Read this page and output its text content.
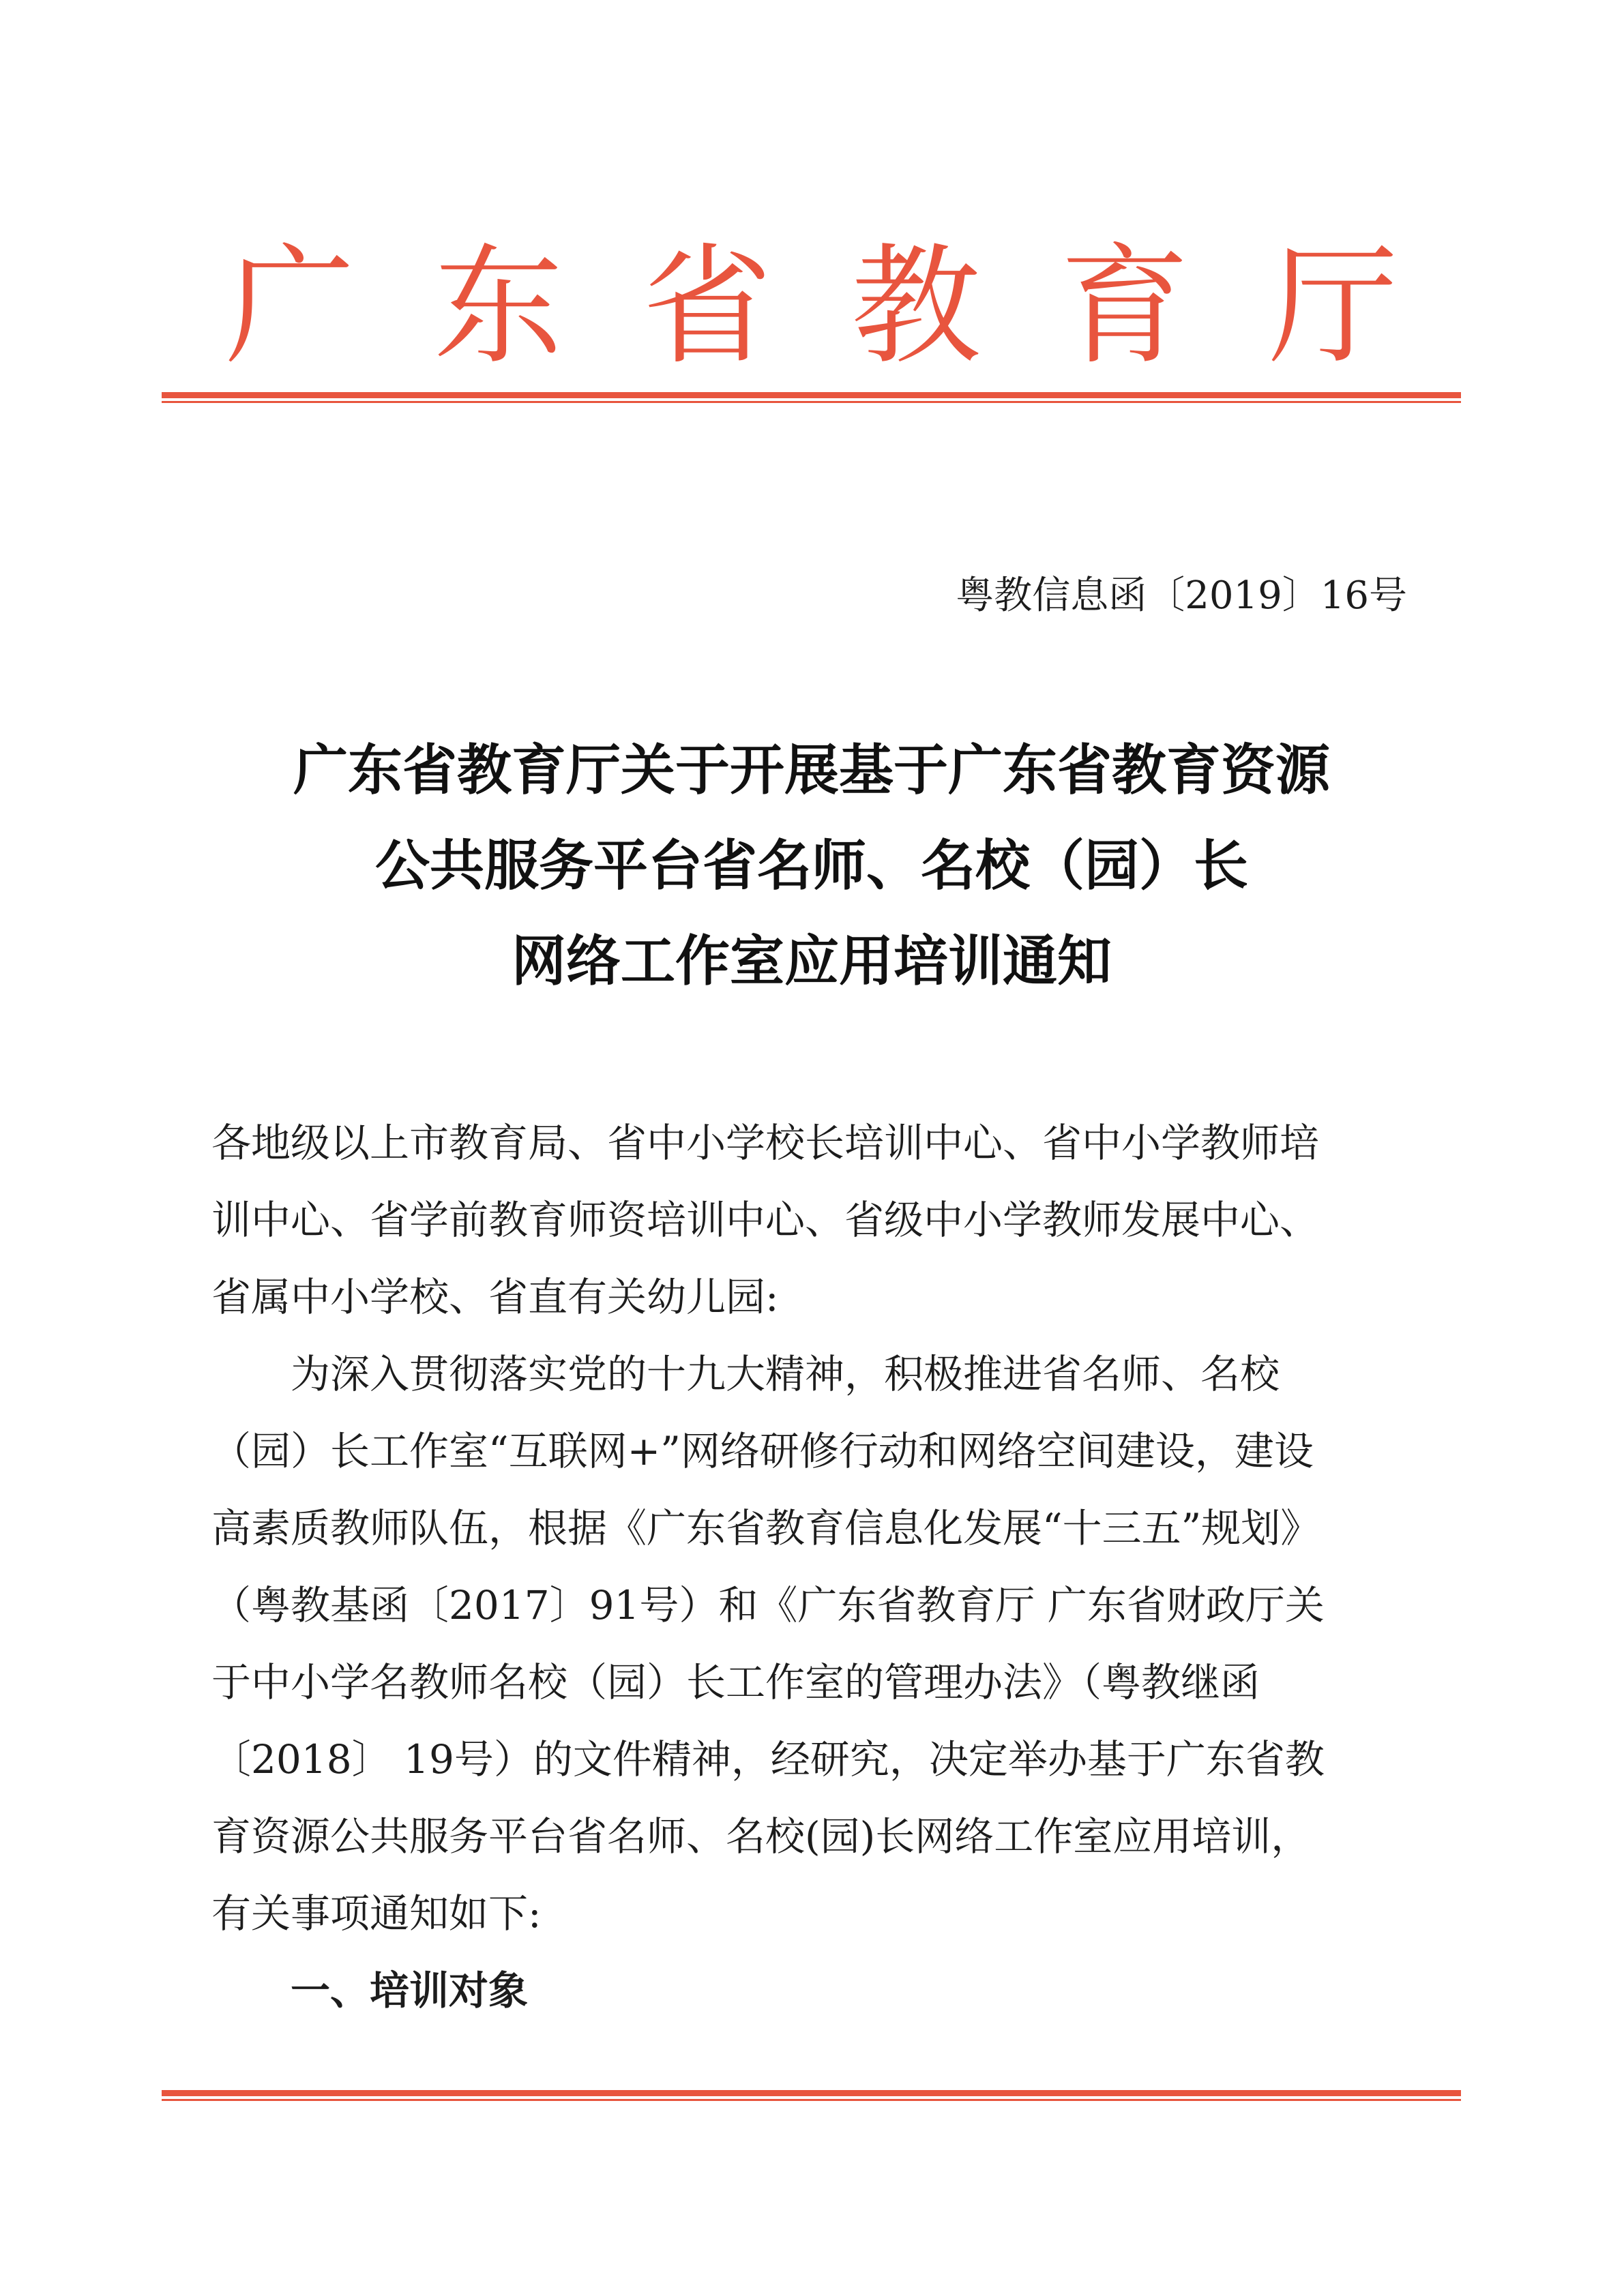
广 东 省 教 育 厅
粤教信息函〔2019〕16号
广东省教育厅关于开展基于广东省教育资源
公共服务平台省名师、名校（园）长
网络工作室应用培训通知
各地级以上市教育局、省中小学校长培训中心、省中小学教师培
训中心、省学前教育师资培训中心、省级中小学教师发展中心、
省属中小学校、省直有关幼儿园:
为深入贯彻落实党的十九大精神，积极推进省名师、名校
（园）长工作室“互联网+”网络研修行动和网络空间建设，建设
高素质教师队伍，根据《广东省教育信息化发展“十三五”规划》
（粤教基函〔2017〕91号）和《广东省教育厅 广东省财政厅关
于中小学名教师名校（园）长工作室的管理办法》（粤教继函
〔2018〕 19号）的文件精神，经研究，决定举办基于广东省教
育资源公共服务平台省名师、名校(园)长网络工作室应用培训，
有关事项通知如下:
一、培训对象
